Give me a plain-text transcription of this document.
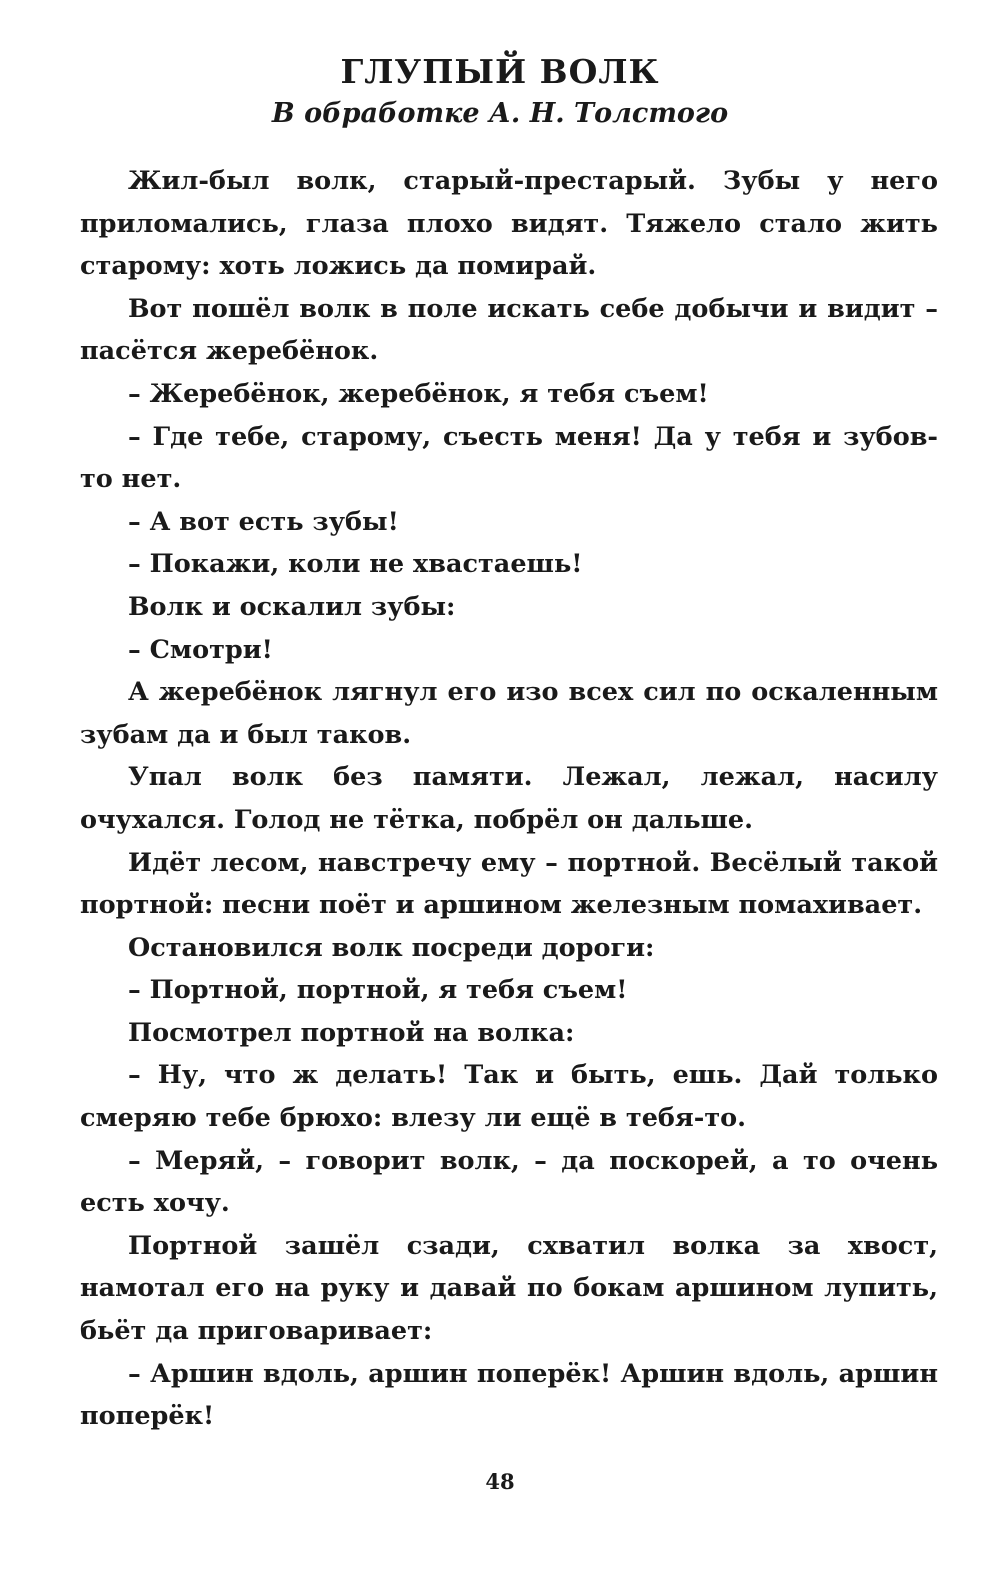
ГЛУПЫЙ ВОЛК

В обработке А. Н. Толстого

Жил-был волк, старый-престарый. Зубы у него приломались, глаза плохо видят. Тяжело стало жить старому: хоть ложись да помирай.

Вот пошёл волк в поле искать себе добычи и видит – пасётся жеребёнок.

– Жеребёнок, жеребёнок, я тебя съем!

– Где тебе, старому, съесть меня! Да у тебя и зубов-то нет.

– А вот есть зубы!

– Покажи, коли не хвастаешь!

Волк и оскалил зубы:

– Смотри!

А жеребёнок лягнул его изо всех сил по оскаленным зубам да и был таков.

Упал волк без памяти. Лежал, лежал, насилу очухался. Голод не тётка, побрёл он дальше.

Идёт лесом, навстречу ему – портной. Весёлый такой портной: песни поёт и аршином железным помахивает.

Остановился волк посреди дороги:

– Портной, портной, я тебя съем!

Посмотрел портной на волка:

– Ну, что ж делать! Так и быть, ешь. Дай только смеряю тебе брюхо: влезу ли ещё в тебя-то.

– Меряй, – говорит волк, – да поскорей, а то очень есть хочу.

Портной зашёл сзади, схватил волка за хвост, намотал его на руку и давай по бокам аршином лупить, бьёт да приговаривает:

– Аршин вдоль, аршин поперёк! Аршин вдоль, аршин поперёк!

48
